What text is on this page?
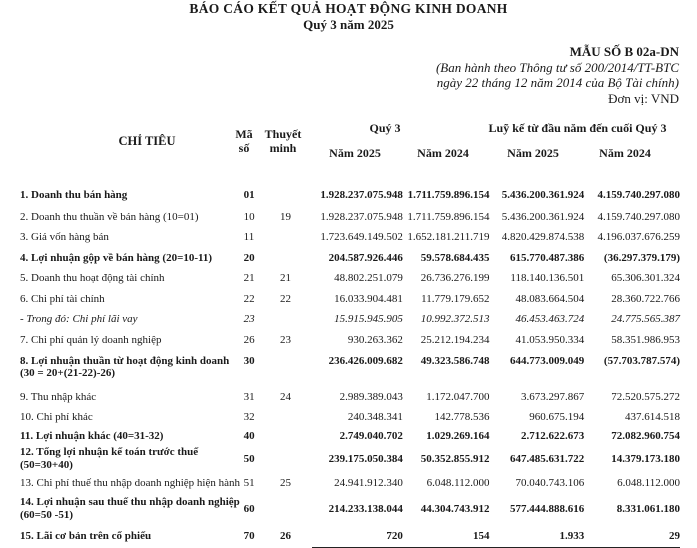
BÁO CÁO KẾT QUẢ HOẠT ĐỘNG KINH DOANH
Quý 3 năm 2025
MẪU SỐ B 02a-DN
(Ban hành theo Thông tư số 200/2014/TT-BTC
ngày 22 tháng 12 năm 2014 của Bộ Tài chính)
Đơn vị: VND
CHỈ TIÊU	Mã
số
Thuyết
minh
Quý 3	Luỹ kế từ đầu năm đến cuối Quý 3
Năm 2025	Năm 2024	Năm 2025	Năm 2024
1. Doanh thu bán hàng	01		1.928.237.075.948	1.711.759.896.154	5.436.200.361.924	4.159.740.297.080
2. Doanh thu thuần về bán hàng (10=01)	10	19	1.928.237.075.948	1.711.759.896.154	5.436.200.361.924	4.159.740.297.080
3. Giá vốn hàng bán	11		1.723.649.149.502	1.652.181.211.719	4.820.429.874.538	4.196.037.676.259
4. Lợi nhuận gộp về bán hàng (20=10-11)	20		204.587.926.446	59.578.684.435	615.770.487.386	(36.297.379.179)
5. Doanh thu hoạt động tài chính	21	21	48.802.251.079	26.736.276.199	118.140.136.501	65.306.301.324
6. Chi phí tài chính	22	22	16.033.904.481	11.779.179.652	48.083.664.504	28.360.722.766
- Trong đó: Chi phí lãi vay	23		15.915.945.905	10.992.372.513	46.453.463.724	24.775.565.387
7. Chi phí quản lý doanh nghiệp	26	23	930.263.362	25.212.194.234	41.053.950.334	58.351.986.953

8. Lợi nhuận thuần từ hoạt động kinh doanh
(30 = 20+(21-22)-26)	30		236.426.009.682	49.323.586.748	644.773.009.049	(57.703.787.574)
9. Thu nhập khác	31	24	2.989.389.043	1.172.047.700	3.673.297.867	72.520.575.272
10. Chi phí khác	32		240.348.341	142.778.536	960.675.194	437.614.518
11. Lợi nhuận khác (40=31-32)	40		2.749.040.702	1.029.269.164	2.712.622.673	72.082.960.754

12. Tổng lợi nhuận kế toán trước thuế
(50=30+40)	50		239.175.050.384	50.352.855.912	647.485.631.722	14.379.173.180
13. Chi phí thuế thu nhập doanh nghiệp hiện hành	51	25	24.941.912.340	6.048.112.000	70.040.743.106	6.048.112.000

14. Lợi nhuận sau thuế thu nhập doanh nghiệp
(60=50 -51)	60		214.233.138.044	44.304.743.912	577.444.888.616	8.331.061.180
15. Lãi cơ bản trên cổ phiếu	70	26	720	154	1.933	29
